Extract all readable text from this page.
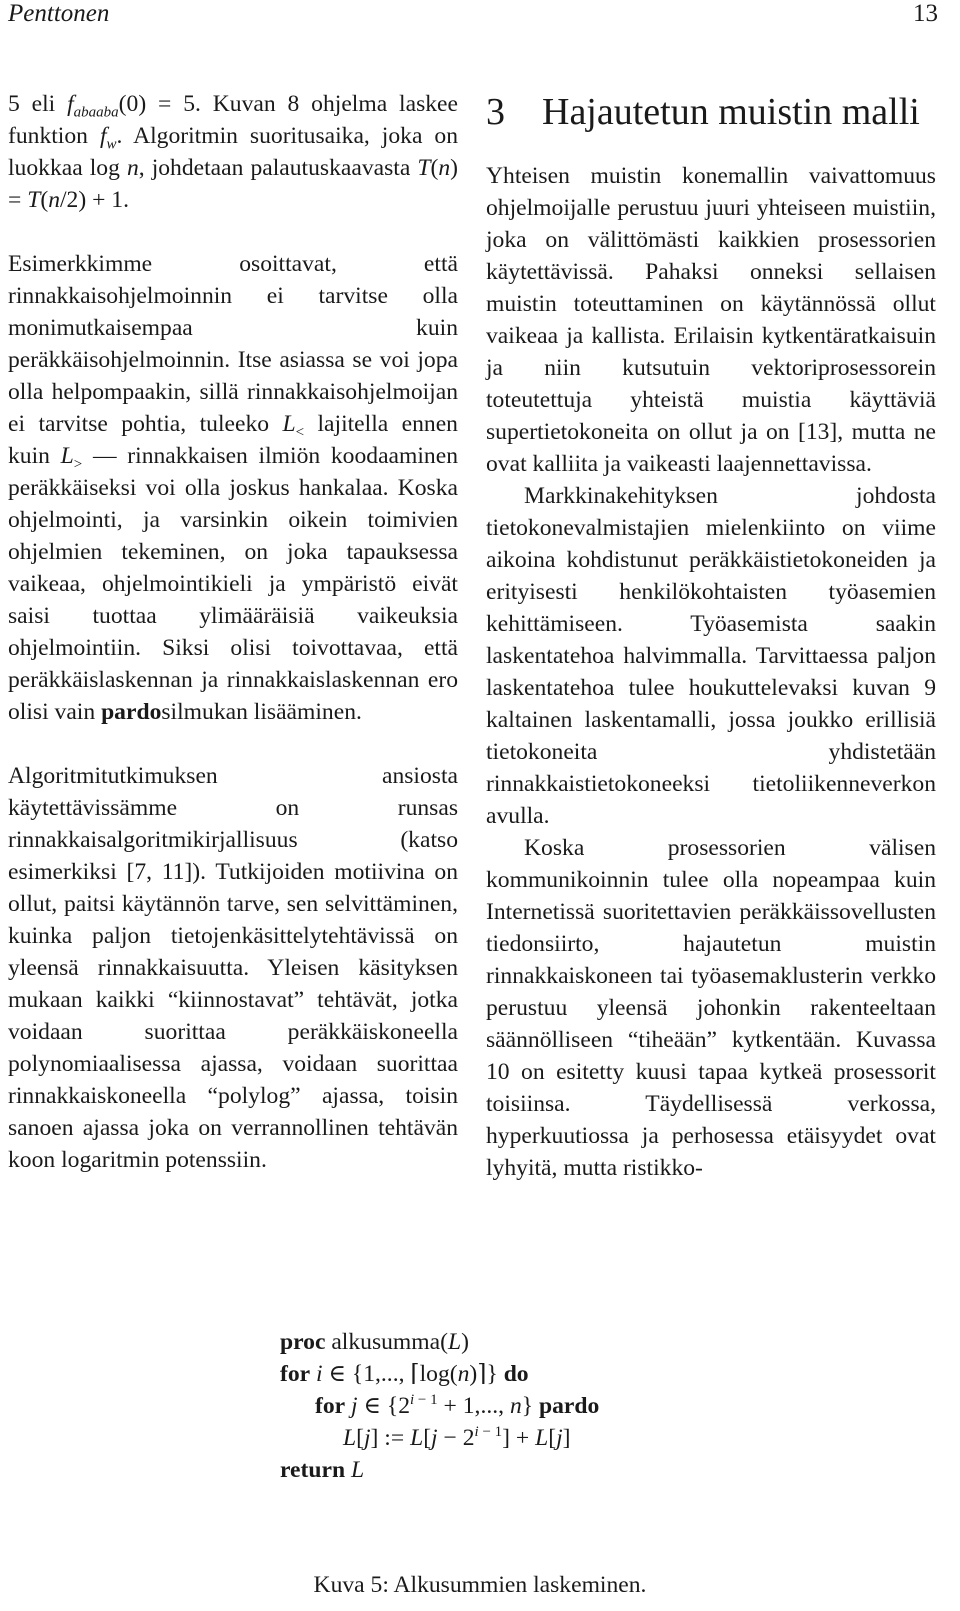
Penttonen	13

5 eli $f_{abaaba}(0) = 5$. Kuvan 8 ohjelma laskee funktion $f_w$. Algoritmin suoritusaika, joka on luokkaa log n, johdetaan palautuskaavasta T(n) = T(n/2) + 1.

Esimerkkimme osoittavat, että rinnakkaisohjelmoinnin ei tarvitse olla monimutkaisempaa kuin peräkkäisohjelmoinnin. Itse asiassa se voi jopa olla helpompaakin, sillä rinnakkaisohjelmoijan ei tarvitse pohtia, tuleeko $L_<$ lajitella ennen kuin $L_>$ — rinnakkaisen ilmiön koodaaminen peräkkäiseksi voi olla joskus hankalaa. Koska ohjelmointi, ja varsinkin oikein toimivien ohjelmien tekeminen, on joka tapauksessa vaikeaa, ohjelmointikieli ja ympäristö eivät saisi tuottaa ylimääräisiä vaikeuksia ohjelmointiin. Siksi olisi toivottavaa, että peräkkäislaskennan ja rinnakkaislaskennan ero olisi vain pardosilmukan lisääminen.

Algoritmitutkimuksen ansiosta käytettävissämme on runsas rinnakkaisalgoritmikirjallisuus (katso esimerkiksi [7, 11]). Tutkijoiden motiivina on ollut, paitsi käytännön tarve, sen selvittäminen, kuinka paljon tietojenkäsittelytehtävissä on yleensä rinnakkaisuutta. Yleisen käsityksen mukaan kaikki “kiinnostavat” tehtävät, jotka voidaan suorittaa peräkkäiskoneella polynomiaalisessa ajassa, voidaan suorittaa rinnakkaiskoneella “polylog” ajassa, toisin sanoen ajassa joka on verrannollinen tehtävän koon logaritmin potenssiin.

3 Hajautetun muistin malli

Yhteisen muistin konemallin vaivattomuus ohjelmoijalle perustuu juuri yhteiseen muistiin, joka on välittömästi kaikkien prosessorien käytettävissä. Pahaksi onneksi sellaisen muistin toteuttaminen on käytännössä ollut vaikeaa ja kallista. Erilaisin kytkentäratkaisuin ja niin kutsutuin vektoriprosessorein toteutettuja yhteistä muistia käyttäviä supertietokoneita on ollut ja on [13], mutta ne ovat kalliita ja vaikeasti laajennettavissa.

Markkinakehityksen johdosta tietokonevalmistajien mielenkiinto on viime aikoina kohdistunut peräkkäistietokoneiden ja erityisesti henkilökohtaisten työasemien kehittämiseen. Työasemista saakin laskentatehoa halvimmalla. Tarvittaessa paljon laskentatehoa tulee houkuttelevaksi kuvan 9 kaltainen laskentamalli, jossa joukko erillisiä tietokoneita yhdistetään rinnakkaistietokoneeksi tietoliikenneverkon avulla.

Koska prosessorien välisen kommunikoinnin tulee olla nopeampaa kuin Internetissä suoritettavien peräkkäissovellusten tiedonsiirto, hajautetun muistin rinnakkaiskoneen tai työasemaklusterin verkko perustuu yleensä johonkin rakenteeltaan säännölliseen “tiheään” kytkentään. Kuvassa 10 on esitetty kuusi tapaa kytkeä prosessorit toisiinsa. Täydellisessä verkossa, hyperkuutiossa ja perhosessa etäisyydet ovat lyhyitä, mutta ristikko-

proc alkusumma(L)
for i ∈ {1,..., ⌈log(n)⌉} do
for j ∈ {$2^{i - 1} + 1$,..., n} pardo
L[j] := $L[j - 2^{i - 1}] + L[j]$
return L
Kuva 5: Alkusummien laskeminen.
